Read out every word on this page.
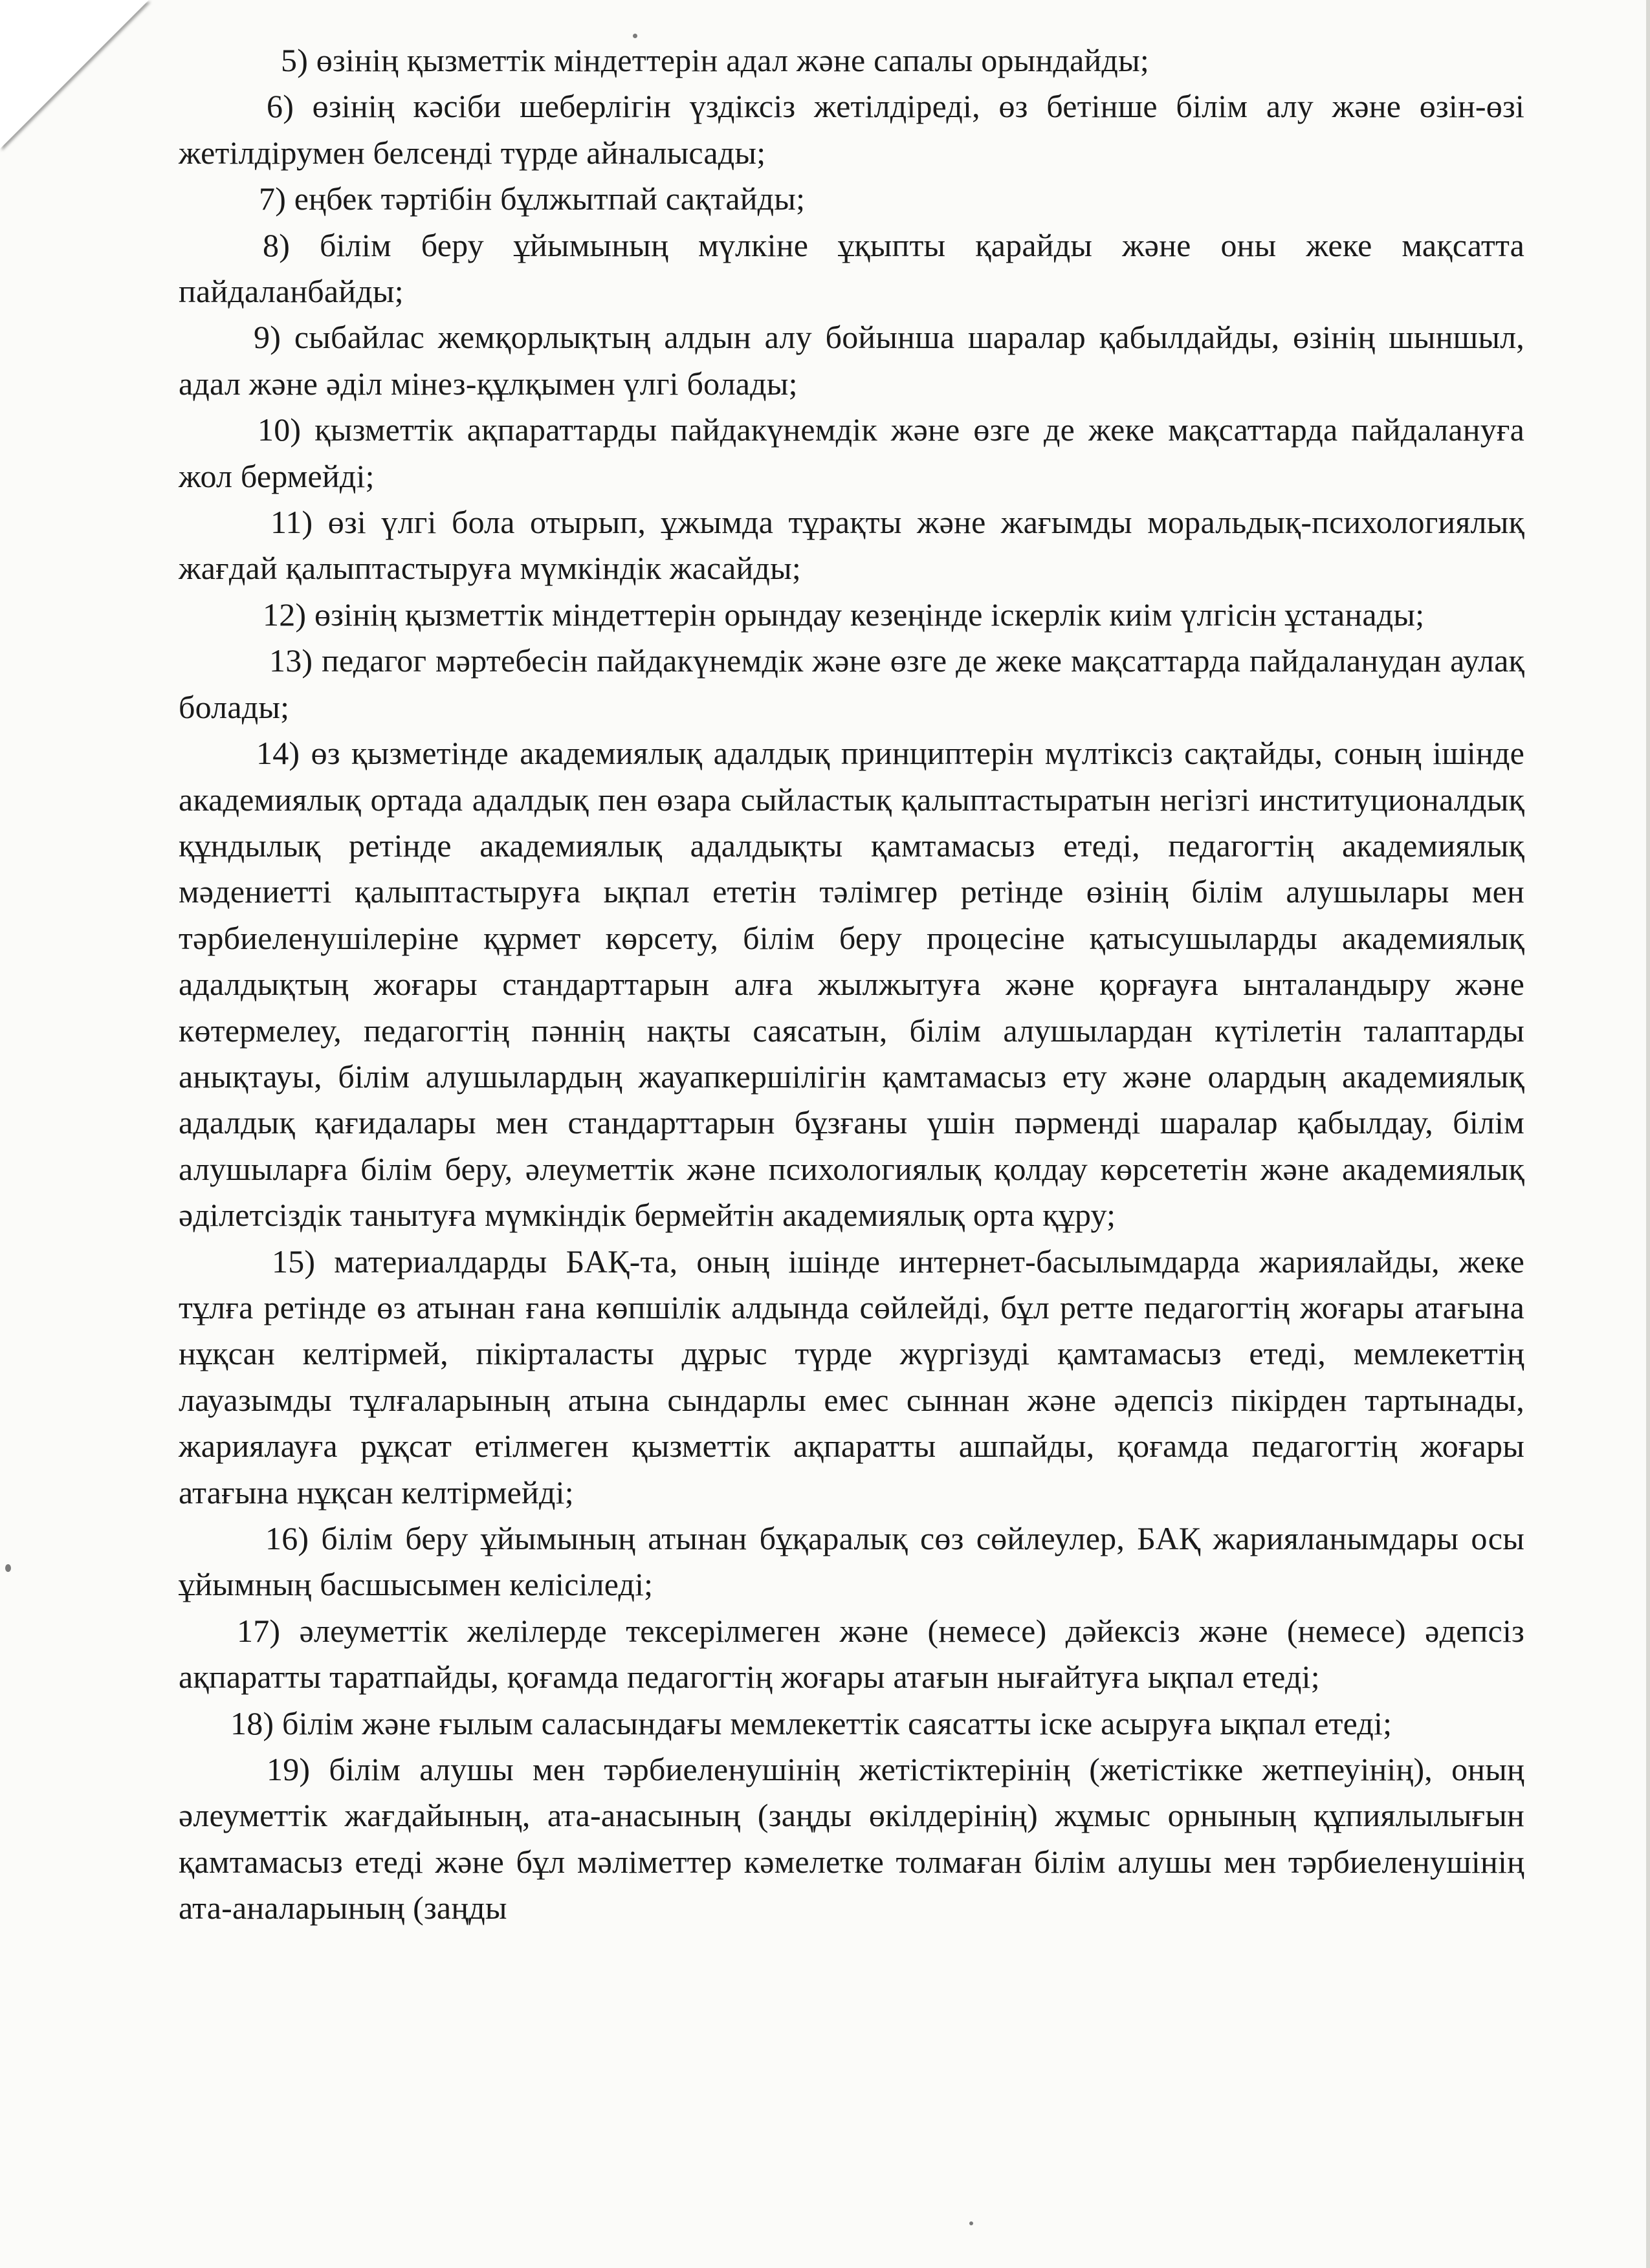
5) өзінің қызметтік міндеттерін адал және сапалы орындайды;

6) өзінің кәсіби шеберлігін үздіксіз жетілдіреді, өз бетінше білім алу және өзін-өзі жетілдірумен белсенді түрде айналысады;

7) еңбек тәртібін бұлжытпай сақтайды;

8) білім беру ұйымының мүлкіне ұқыпты қарайды және оны жеке мақсатта пайдаланбайды;

9) сыбайлас жемқорлықтың алдын алу бойынша шаралар қабылдайды, өзінің шыншыл, адал және әділ мінез-құлқымен үлгі болады;

10) қызметтік ақпараттарды пайдакүнемдік және өзге де жеке мақсаттарда пайдалануға жол бермейді;

11) өзі үлгі бола отырып, ұжымда тұрақты және жағымды моральдық-психологиялық жағдай қалыптастыруға мүмкіндік жасайды;

12) өзінің қызметтік міндеттерін орындау кезеңінде іскерлік киім үлгісін ұстанады;

13) педагог мәртебесін пайдакүнемдік және өзге де жеке мақсаттарда пайдаланудан аулақ болады;

14) өз қызметінде академиялық адалдық принциптерін мүлтіксіз сақтайды, соның ішінде академиялық ортада адалдық пен өзара сыйластық қалыптастыратын негізгі институционалдық құндылық ретінде академиялық адалдықты қамтамасыз етеді, педагогтің академиялық мәдениетті қалыптастыруға ықпал ететін тәлімгер ретінде өзінің білім алушылары мен тәрбиеленушілеріне құрмет көрсету, білім беру процесіне қатысушыларды академиялық адалдықтың жоғары стандарттарын алға жылжытуға және қорғауға ынталандыру және көтермелеу, педагогтің пәннің нақты саясатын, білім алушылардан күтілетін талаптарды анықтауы, білім алушылардың жауапкершілігін қамтамасыз ету және олардың академиялық адалдық қағидалары мен стандарттарын бұзғаны үшін пәрменді шаралар қабылдау, білім алушыларға білім беру, әлеуметтік және психологиялық қолдау көрсететін және академиялық әділетсіздік танытуға мүмкіндік бермейтін академиялық орта құру;

15) материалдарды БАҚ-та, оның ішінде интернет-басылымдарда жариялайды, жеке тұлға ретінде өз атынан ғана көпшілік алдында сөйлейді, бұл ретте педагогтің жоғары атағына нұқсан келтірмей, пікірталасты дұрыс түрде жүргізуді қамтамасыз етеді, мемлекеттің лауазымды тұлғаларының атына сындарлы емес сыннан және әдепсіз пікірден тартынады, жариялауға рұқсат етілмеген қызметтік ақпаратты ашпайды, қоғамда педагогтің жоғары атағына нұқсан келтірмейді;

16) білім беру ұйымының атынан бұқаралық сөз сөйлеулер, БАҚ жарияланымдары осы ұйымның басшысымен келісіледі;

17) әлеуметтік желілерде тексерілмеген және (немесе) дәйексіз және (немесе) әдепсіз ақпаратты таратпайды, қоғамда педагогтің жоғары атағын нығайтуға ықпал етеді;

18) білім және ғылым саласындағы мемлекеттік саясатты іске асыруға ықпал етеді;

19) білім алушы мен тәрбиеленушінің жетістіктерінің (жетістікке жетпеуінің), оның әлеуметтік жағдайының, ата-анасының (заңды өкілдерінің) жұмыс орнының құпиялылығын қамтамасыз етеді және бұл мәліметтер кәмелетке толмаған білім алушы мен тәрбиеленушінің ата-аналарының (заңды
